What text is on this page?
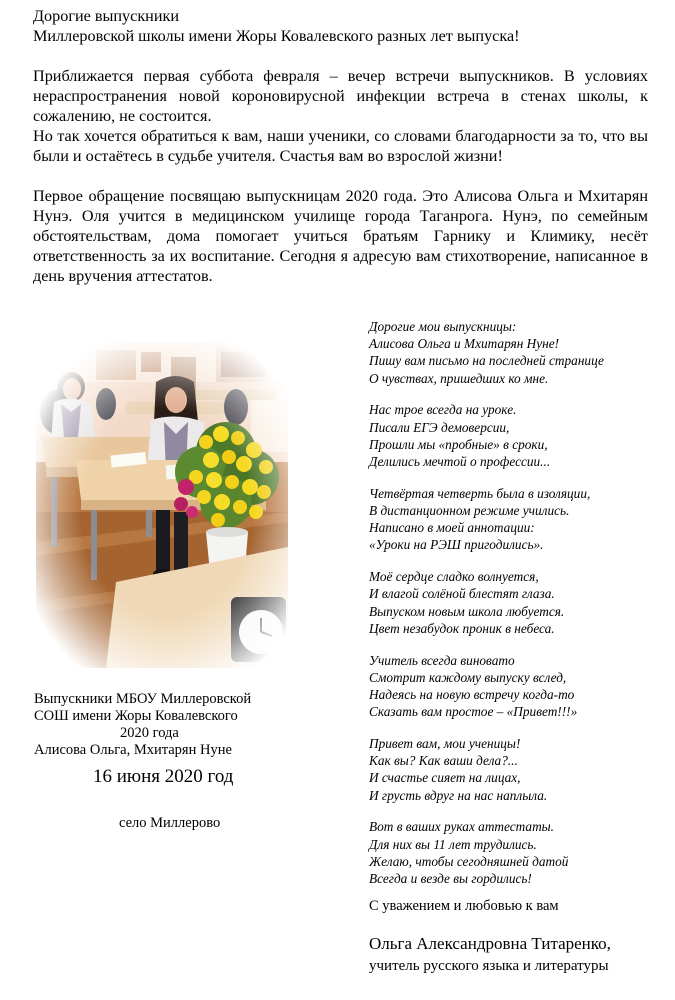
Дорогие выпускники

Миллеровской школы имени Жоры Ковалевского разных лет выпуска!

Приближается первая суббота февраля – вечер встречи выпускников. В условиях нераспространения новой короновирусной инфекции встреча в стенах школы, к сожалению, не состоится.

Но так хочется обратиться к вам, наши ученики, со словами благодарности за то, что вы были и остаётесь в судьбе учителя. Счастья вам во взрослой жизни!

Первое обращение посвящаю выпускницам 2020 года. Это Алисова Ольга и Мхитарян Нунэ. Оля учится в медицинском училище города Таганрога. Нунэ, по семейным обстоятельствам, дома помогает учиться братьям Гарнику и Климику, несёт ответственность за их воспитание. Сегодня я адресую вам стихотворение, написанное в день вручения аттестатов.

Выпускники МБОУ Миллеровской
СОШ имени Жоры Ковалевского
2020 года
Алисова Ольга, Мхитарян Нуне
16 июня 2020 год
село Миллерово
Дорогие мои выпускницы:
Алисова Ольга и Мхитарян Нуне!
Пишу вам письмо на последней странице
О чувствах, пришедших ко мне.
Нас трое всегда на уроке.
Писали ЕГЭ демоверсии,
Прошли мы «пробные» в сроки,
Делились мечтой о профессии...
Четвёртая четверть была в изоляции,
В дистанционном режиме учились.
Написано в моей аннотации:
«Уроки на РЭШ пригодились».
Моё сердце сладко волнуется,
И влагой солёной блестят глаза.
Выпуском новым школа любуется.
Цвет незабудок проник в небеса.
Учитель всегда виновато
Смотрит каждому выпуску вслед,
Надеясь на новую встречу когда-то
Сказать вам простое – «Привет!!!»
Привет вам, мои ученицы!
Как вы? Как ваши дела?...
И счастье сияет на лицах,
И грусть вдруг на нас наплыла.
Вот в ваших руках аттестаты.
Для них вы 11 лет трудились.
Желаю, чтобы сегодняшней датой
Всегда и везде вы гордились!
С уважением и любовью к вам
Ольга Александровна Титаренко,
учитель русского языка и литературы
